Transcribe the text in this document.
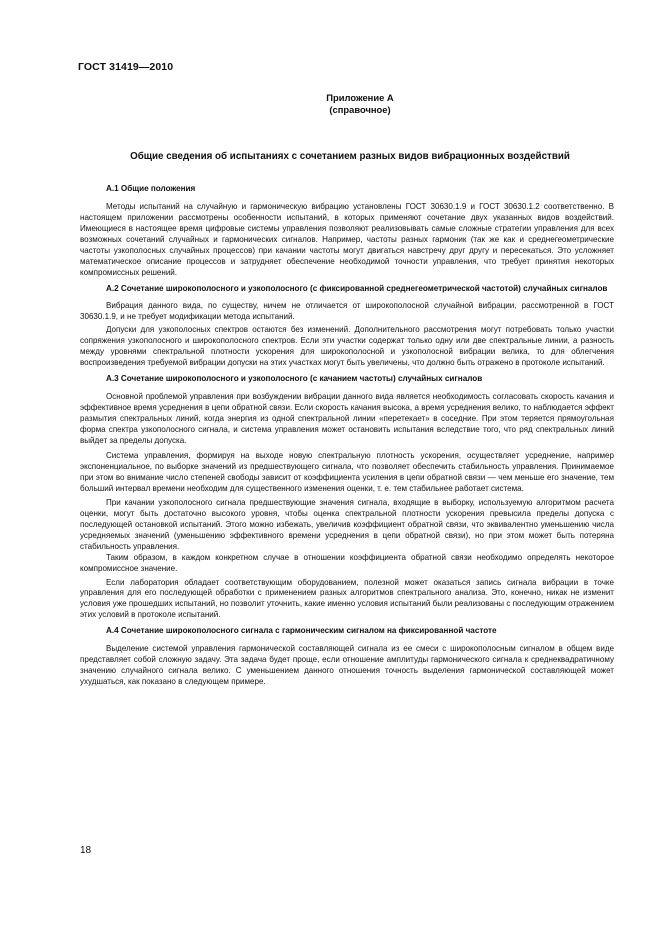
ГОСТ 31419—2010
Приложение А
(справочное)
Общие сведения об испытаниях с сочетанием разных видов вибрационных воздействий
А.1 Общие положения

Методы испытаний на случайную и гармоническую вибрацию установлены ГОСТ 30630.1.9 и ГОСТ 30630.1.2 соответственно. В настоящем приложении рассмотрены особенности испытаний, в которых применяют сочетание двух указанных видов воздействий. Имеющиеся в настоящее время цифровые системы управления позволяют реализовывать самые сложные стратегии управления для всех возможных сочетаний случайных и гармонических сигналов. Например, частоты разных гармоник (так же как и среднегеометрические частоты узкополосных случайных процессов) при качании частоты могут двигаться навстречу друг другу и пересекаться. Это усложняет математическое описание процессов и затрудняет обеспечение необходимой точности управления, что требует принятия некоторых компромиссных решений.

А.2 Сочетание широкополосного и узкополосного (с фиксированной среднегеометрической частотой) случайных сигналов

Вибрация данного вида, по существу, ничем не отличается от широкополосной случайной вибрации, рассмотренной в ГОСТ 30630.1.9, и не требует модификации метода испытаний.

Допуски для узкополосных спектров остаются без изменений. Дополнительного рассмотрения могут потребовать только участки сопряжения узкополосного и широкополосного спектров. Если эти участки содержат только одну или две спектральные линии, а разность между уровнями спектральной плотности ускорения для широкополосной и узкополосной вибрации велика, то для облегчения воспроизведения требуемой вибрации допуски на этих участках могут быть увеличены, что должно быть отражено в протоколе испытаний.

А.3 Сочетание широкополосного и узкополосного (с качанием частоты) случайных сигналов

Основной проблемой управления при возбуждении вибрации данного вида является необходимость согласовать скорость качания и эффективное время усреднения в цепи обратной связи. Если скорость качания высока, а время усреднения велико, то наблюдается эффект размытия спектральных линий, когда энергия из одной спектральной линии «перетекает» в соседние. При этом теряется прямоугольная форма спектра узкополосного сигнала, и система управления может остановить испытания вследствие того, что ряд спектральных линий выйдет за пределы допуска.

Система управления, формируя на выходе новую спектральную плотность ускорения, осуществляет усреднение, например экспоненциальное, по выборке значений из предшествующего сигнала, что позволяет обеспечить стабильность управления. Принимаемое при этом во внимание число степеней свободы зависит от коэффициента усиления в цепи обратной связи — чем меньше его значение, тем больший интервал времени необходим для существенного изменения оценки, т. е. тем стабильнее работает система.

При качании узкополосного сигнала предшествующие значения сигнала, входящие в выборку, используемую алгоритмом расчета оценки, могут быть достаточно высокого уровня, чтобы оценка спектральной плотности ускорения превысила пределы допуска с последующей остановкой испытаний. Этого можно избежать, увеличив коэффициент обратной связи, что эквивалентно уменьшению числа усредняемых значений (уменьшению эффективного времени усреднения в цепи обратной связи), но при этом может быть потеряна стабильность управления.

Таким образом, в каждом конкретном случае в отношении коэффициента обратной связи необходимо определять некоторое компромиссное значение.

Если лаборатория обладает соответствующим оборудованием, полезной может оказаться запись сигнала вибрации в точке управления для его последующей обработки с применением разных алгоритмов спектрального анализа. Это, конечно, никак не изменит условия уже прошедших испытаний, но позволит уточнить, какие именно условия испытаний были реализованы с последующим отражением этих условий в протоколе испытаний.

А.4 Сочетание широкополосного сигнала с гармоническим сигналом на фиксированной частоте

Выделение системой управления гармонической составляющей сигнала из ее смеси с широкополосным сигналом в общем виде представляет собой сложную задачу. Эта задача будет проще, если отношение амплитуды гармонического сигнала к среднеквадратичному значению случайного сигнала велико. С уменьшением данного отношения точность выделения гармонической составляющей может ухудшаться, как показано в следующем примере.

18
